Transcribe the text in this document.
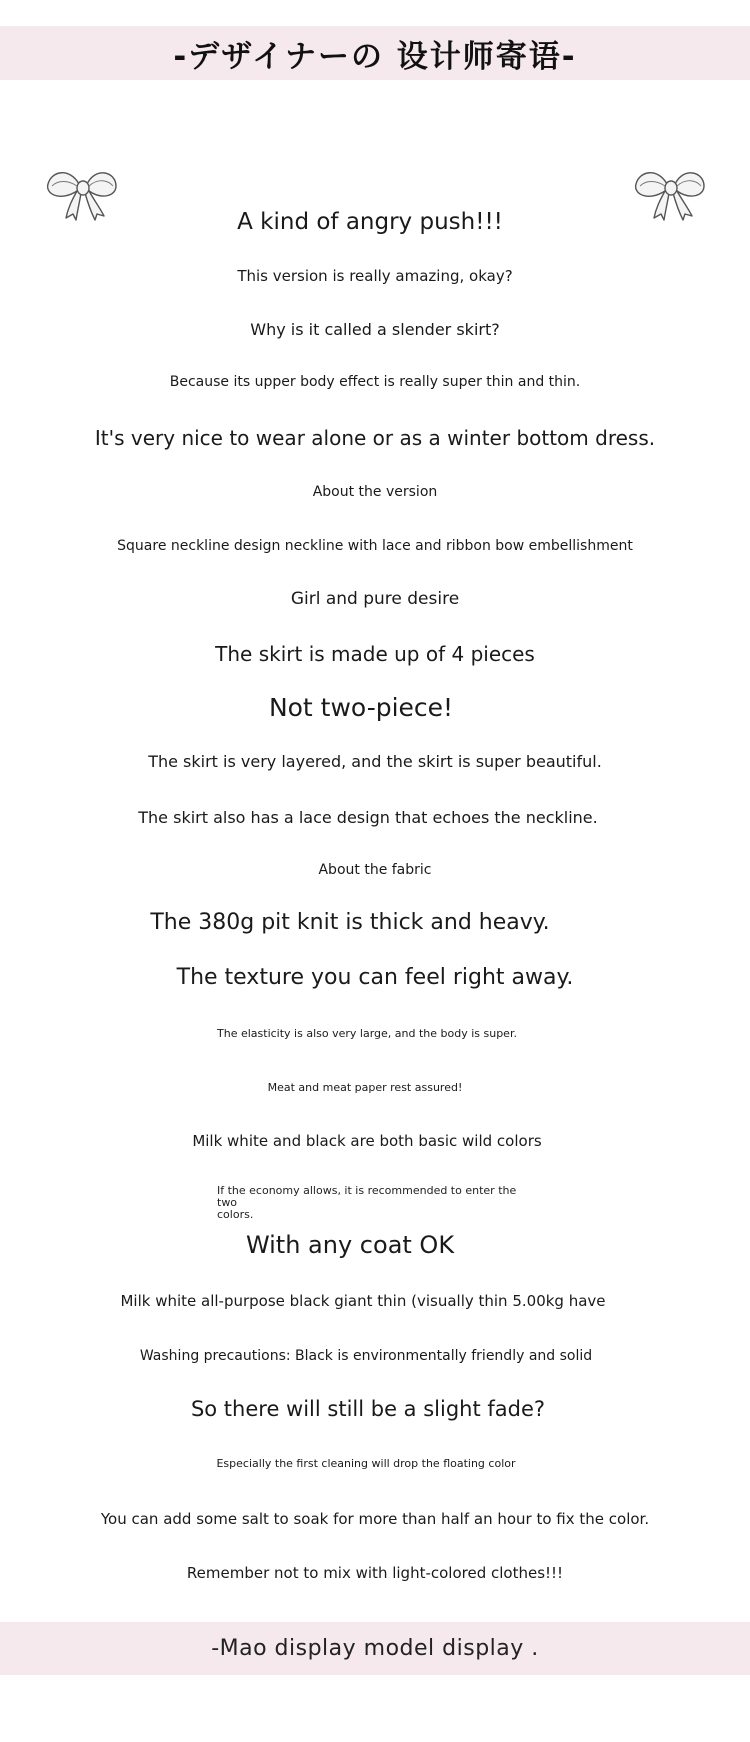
-デザイナーの 设计师寄语-
A kind of angry push!!!
This version is really amazing, okay?
Why is it called a slender skirt?
Because its upper body effect is really super thin and thin.
It's very nice to wear alone or as a winter bottom dress.
About the version
Square neckline design neckline with lace and ribbon bow embellishment
Girl and pure desire
The skirt is made up of 4 pieces
Not two-piece!
The skirt is very layered, and the skirt is super beautiful.
The skirt also has a lace design that echoes the neckline.
About the fabric
The 380g pit knit is thick and heavy.
The texture you can feel right away.
The elasticity is also very large, and the body is super.
Meat and meat paper rest assured!
Milk white and black are both basic wild colors
If the economy allows, it is recommended to enter the two
colors.
With any coat OK
Milk white all-purpose black giant thin (visually thin 5.00kg have
Washing precautions: Black is environmentally friendly and solid
So there will still be a slight fade?
Especially the first cleaning will drop the floating color
You can add some salt to soak for more than half an hour to fix the color.
Remember not to mix with light-colored clothes!!!
-Mao display model display .
